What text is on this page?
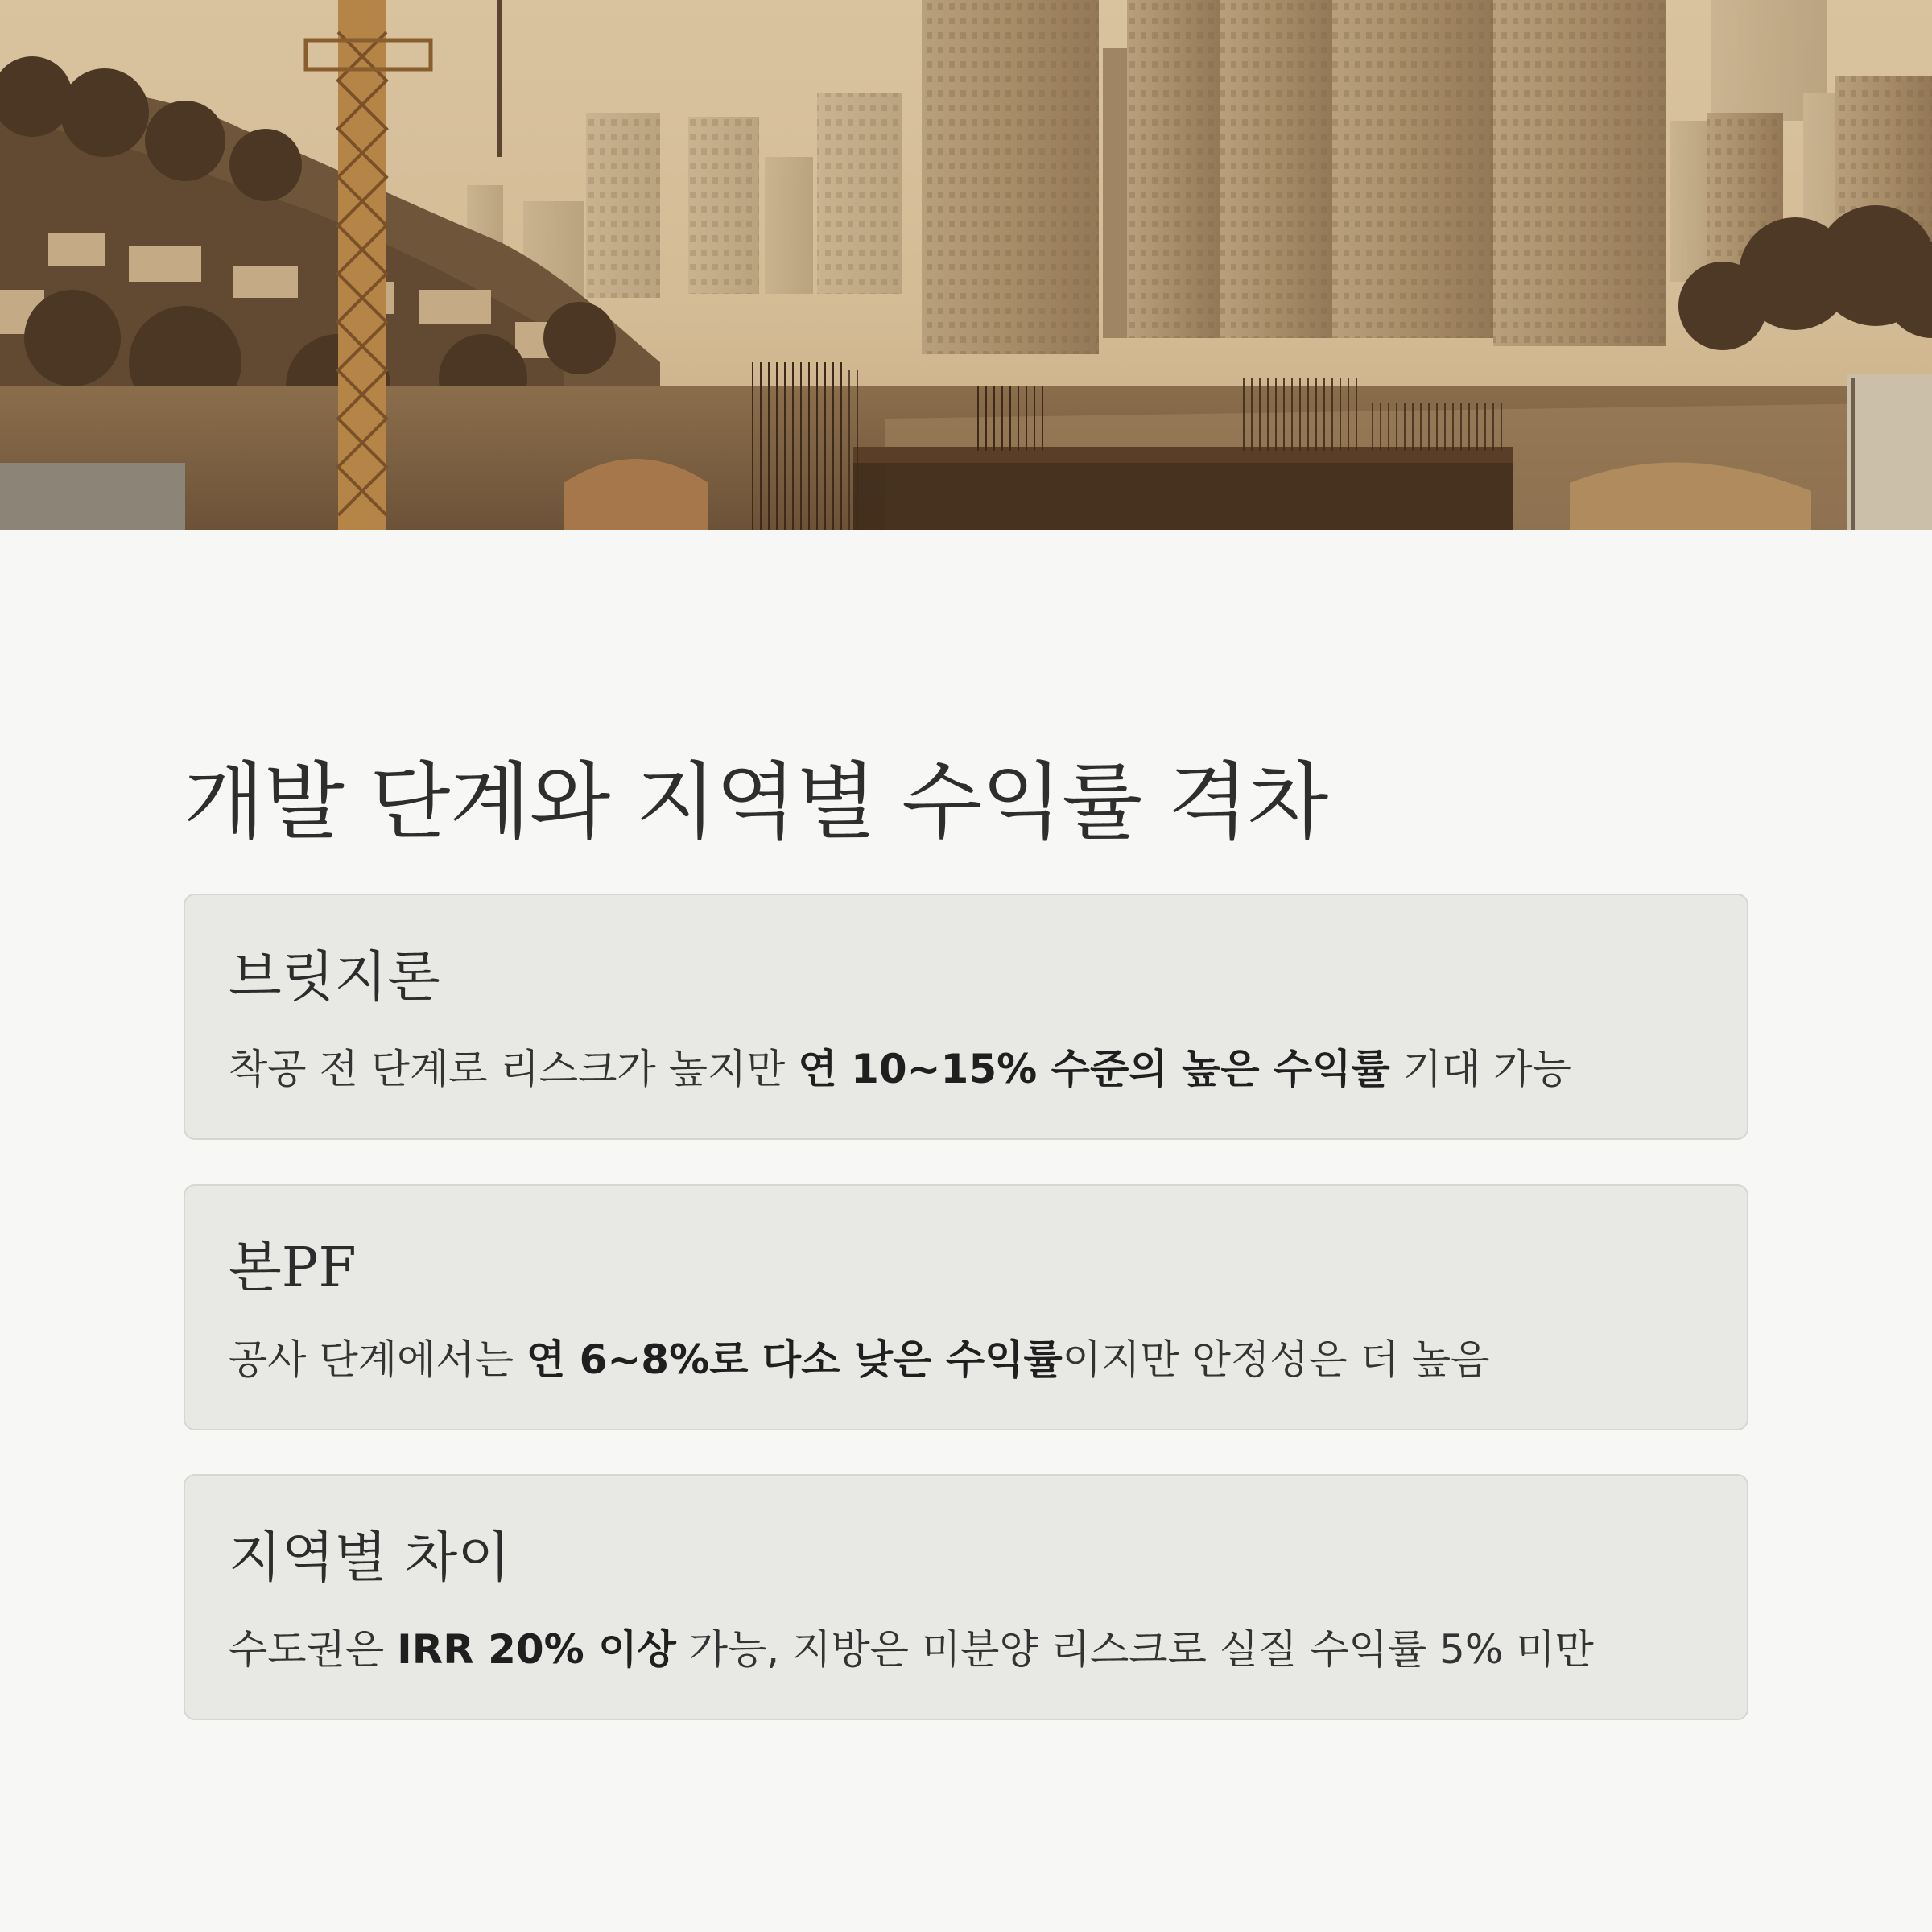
개발 단계와 지역별 수익률 격차
브릿지론

착공 전 단계로 리스크가 높지만 연 10~15% 수준의 높은 수익률 기대 가능

본PF

공사 단계에서는 연 6~8%로 다소 낮은 수익률이지만 안정성은 더 높음

지역별 차이

수도권은 IRR 20% 이상 가능, 지방은 미분양 리스크로 실질 수익률 5% 미만
